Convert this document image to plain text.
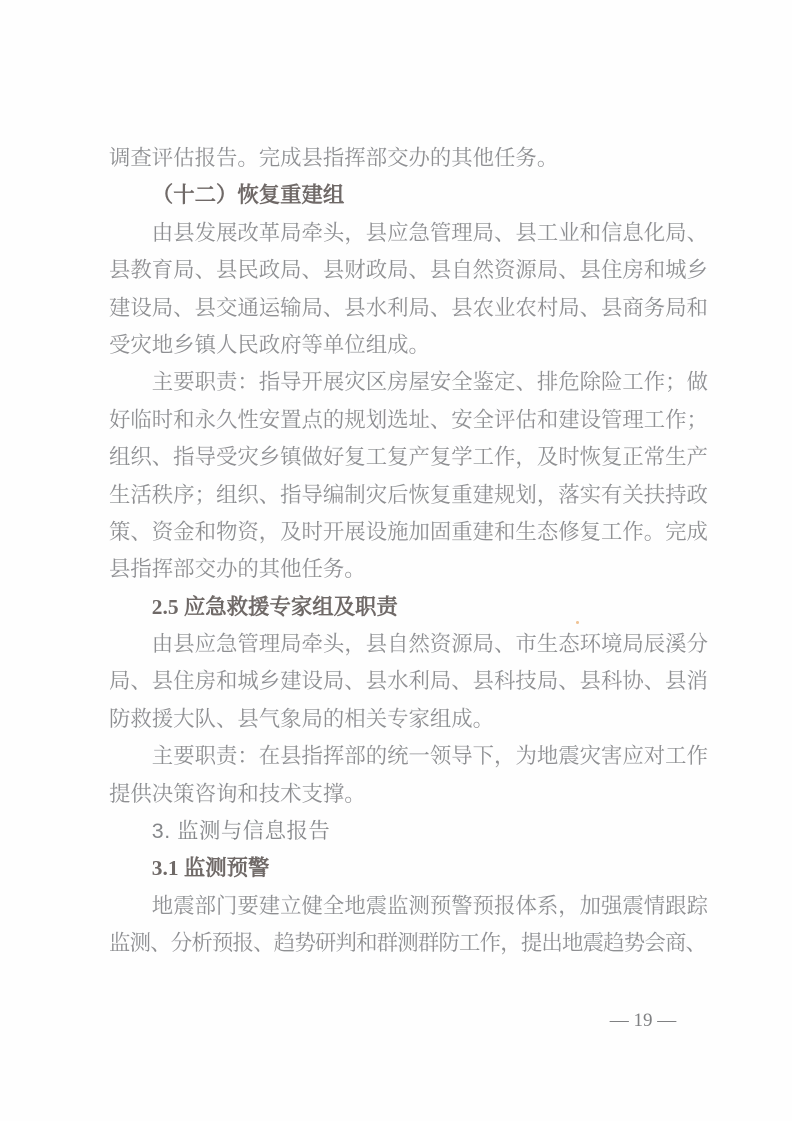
调查评估报告。完成县指挥部交办的其他任务。
（十二）恢复重建组
由县发展改革局牵头，县应急管理局、县工业和信息化局、
县教育局、县民政局、县财政局、县自然资源局、县住房和城乡
建设局、县交通运输局、县水利局、县农业农村局、县商务局和
受灾地乡镇人民政府等单位组成。
主要职责：指导开展灾区房屋安全鉴定、排危除险工作；做
好临时和永久性安置点的规划选址、安全评估和建设管理工作；
组织、指导受灾乡镇做好复工复产复学工作，及时恢复正常生产
生活秩序；组织、指导编制灾后恢复重建规划，落实有关扶持政
策、资金和物资，及时开展设施加固重建和生态修复工作。完成
县指挥部交办的其他任务。
2.5 应急救援专家组及职责
由县应急管理局牵头，县自然资源局、市生态环境局辰溪分
局、县住房和城乡建设局、县水利局、县科技局、县科协、县消
防救援大队、县气象局的相关专家组成。
主要职责：在县指挥部的统一领导下，为地震灾害应对工作
提供决策咨询和技术支撑。
3. 监测与信息报告
3.1 监测预警
地震部门要建立健全地震监测预警预报体系，加强震情跟踪
监测、分析预报、趋势研判和群测群防工作，提出地震趋势会商、
— 19 —
